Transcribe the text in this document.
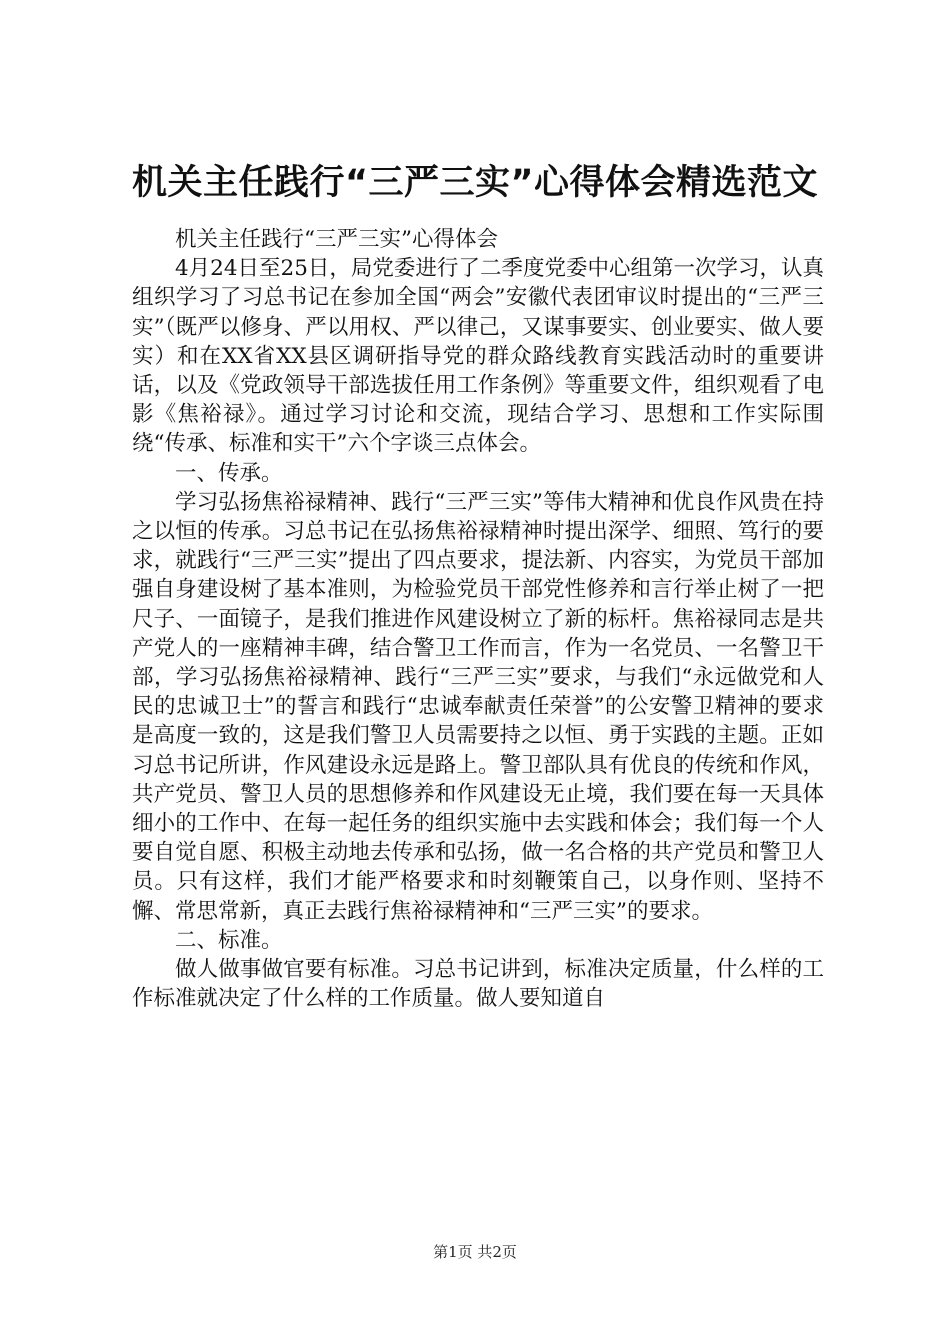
机关主任践行“三严三实”心得体会精选范文

机关主任践行“三严三实”心得体会

4月24日至25日，局党委进行了二季度党委中心组第一次学习，认真组织学习了习总书记在参加全国“两会”安徽代表团审议时提出的“三严三实”（既严以修身、严以用权、严以律己，又谋事要实、创业要实、做人要实）和在XX省XX县区调研指导党的群众路线教育实践活动时的重要讲话，以及《党政领导干部选拔任用工作条例》等重要文件，组织观看了电影《焦裕禄》。通过学习讨论和交流，现结合学习、思想和工作实际围绕“传承、标准和实干”六个字谈三点体会。

一、传承。

学习弘扬焦裕禄精神、践行“三严三实”等伟大精神和优良作风贵在持之以恒的传承。习总书记在弘扬焦裕禄精神时提出深学、细照、笃行的要求，就践行“三严三实”提出了四点要求，提法新、内容实，为党员干部加强自身建设树了基本准则，为检验党员干部党性修养和言行举止树了一把尺子、一面镜子，是我们推进作风建设树立了新的标杆。焦裕禄同志是共产党人的一座精神丰碑，结合警卫工作而言，作为一名党员、一名警卫干部，学习弘扬焦裕禄精神、践行“三严三实”要求，与我们“永远做党和人民的忠诚卫士”的誓言和践行“忠诚奉献责任荣誉”的公安警卫精神的要求是高度一致的，这是我们警卫人员需要持之以恒、勇于实践的主题。正如习总书记所讲，作风建设永远是路上。警卫部队具有优良的传统和作风，共产党员、警卫人员的思想修养和作风建设无止境，我们要在每一天具体细小的工作中、在每一起任务的组织实施中去实践和体会；我们每一个人要自觉自愿、积极主动地去传承和弘扬，做一名合格的共产党员和警卫人员。只有这样，我们才能严格要求和时刻鞭策自己，以身作则、坚持不懈、常思常新，真正去践行焦裕禄精神和“三严三实”的要求。

二、标准。

做人做事做官要有标准。习总书记讲到，标准决定质量，什么样的工作标准就决定了什么样的工作质量。做人要知道自

第1页 共2页
